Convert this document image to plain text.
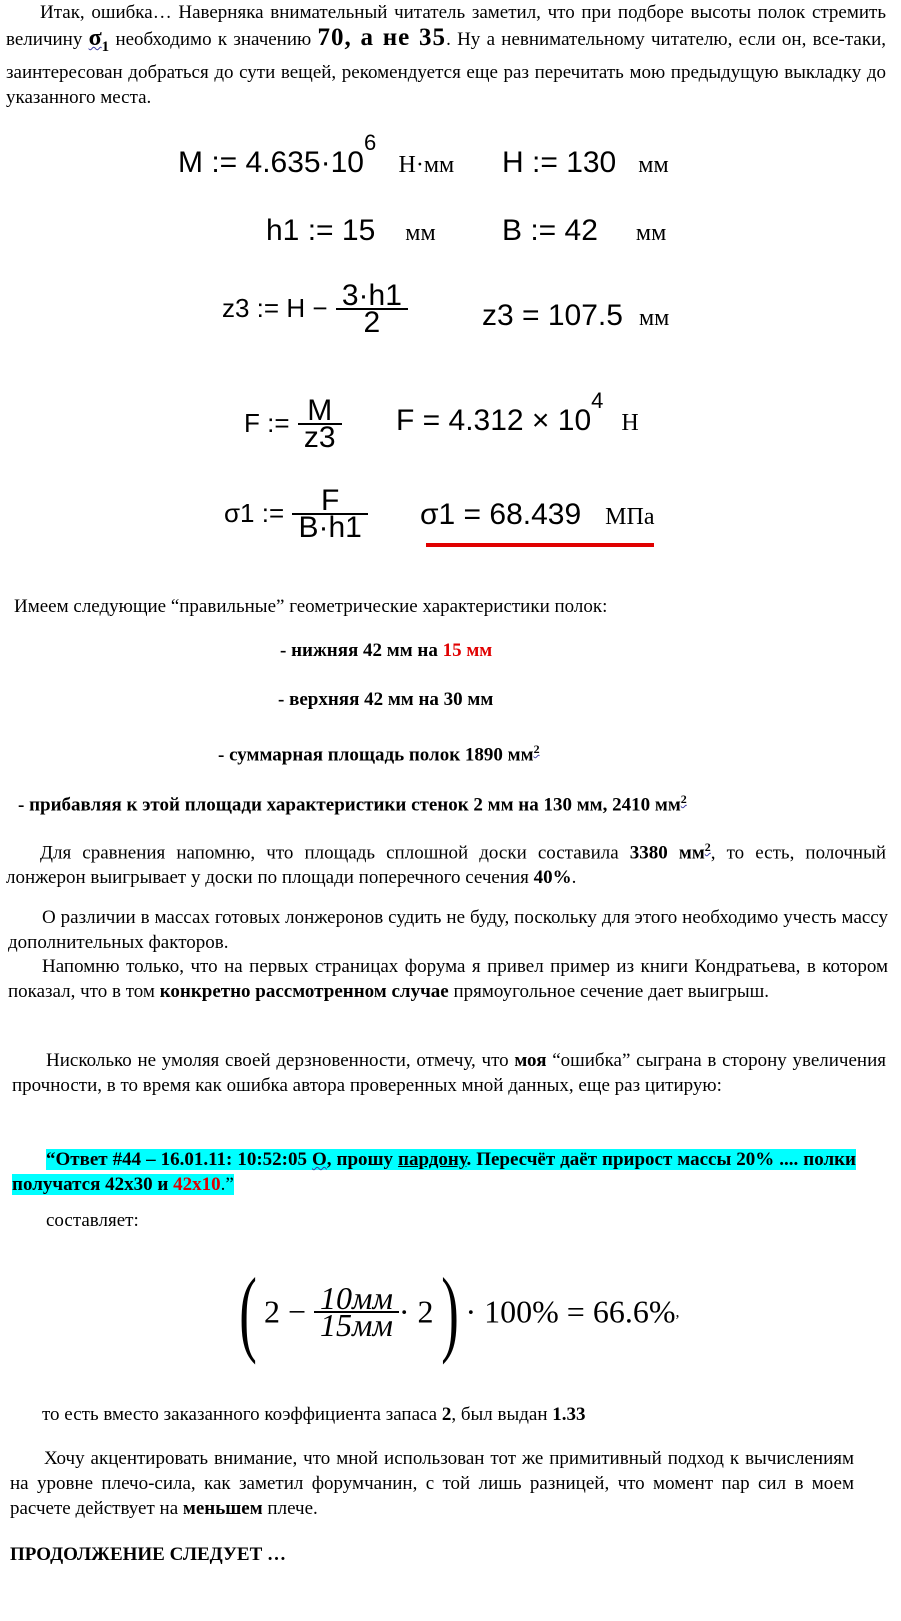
Итак, ошибка… Наверняка внимательный читатель заметил, что при подборе высоты полок стремить величину $\sigma_1$ необходимо к значению 70, а не 35. Ну а невнимательному читателю, если он, все-таки, заинтересован добраться до сути вещей, рекомендуется еще раз перечитать мою предыдущую выкладку до указанного места.
M := $4.635\cdot 10^6$ Н·мм H := 130 мм
h1 := 15 мм B := 42 мм
z3 := $H - \frac{3\cdot h1}{2} z3 = 107.5$ мм
F := $\frac{M}{z3}$ $F = 4.312 \times 10^4Н$
σ1 := $\frac{F}{B\cdot h1} \sigma 1 = 68.439$ МПа
Имеем следующие “правильные” геометрические характеристики полок:
- нижняя 42 мм на 15 мм
- верхняя 42 мм на 30 мм
- суммарная площадь полок 1890 $мм^2$
- прибавляя к этой площади характеристики стенок 2 мм на 130 мм, 2410 $мм^2$
Для сравнения напомню, что площадь сплошной доски составила 3380 $мм^2$, то есть, полочный лонжерон выигрывает у доски по площади поперечного сечения 40%.
О различии в массах готовых лонжеронов судить не буду, поскольку для этого необходимо учесть массу дополнительных факторов.
Напомню только, что на первых страницах форума я привел пример из книги Кондратьева, в котором показал, что в том конкретно рассмотренном случае прямоугольное сечение дает выигрыш.
Нисколько не умоляя своей дерзновенности, отмечу, что моя “ошибка” сыграна в сторону увеличения прочности, в то время как ошибка автора проверенных мной данных, еще раз цитирую:
“Ответ #44 – 16.01.11: 10:52:05 О, прошу пардону. Пересчёт даёт прирост массы 20% .... полки получатся 42x30 и 42x10.”
составляет:
( $2 - \frac{10мм}{15мм} \cdot 2) \cdot 100\% = 66.6\%$,
то есть вместо заказанного коэффициента запаса 2, был выдан 1.33
Хочу акцентировать внимание, что мной использован тот же примитивный подход к вычислениям на уровне плечо-сила, как заметил форумчанин, с той лишь разницей, что момент пар сил в моем расчете действует на меньшем плече.
ПРОДОЛЖЕНИЕ СЛЕДУЕТ …
